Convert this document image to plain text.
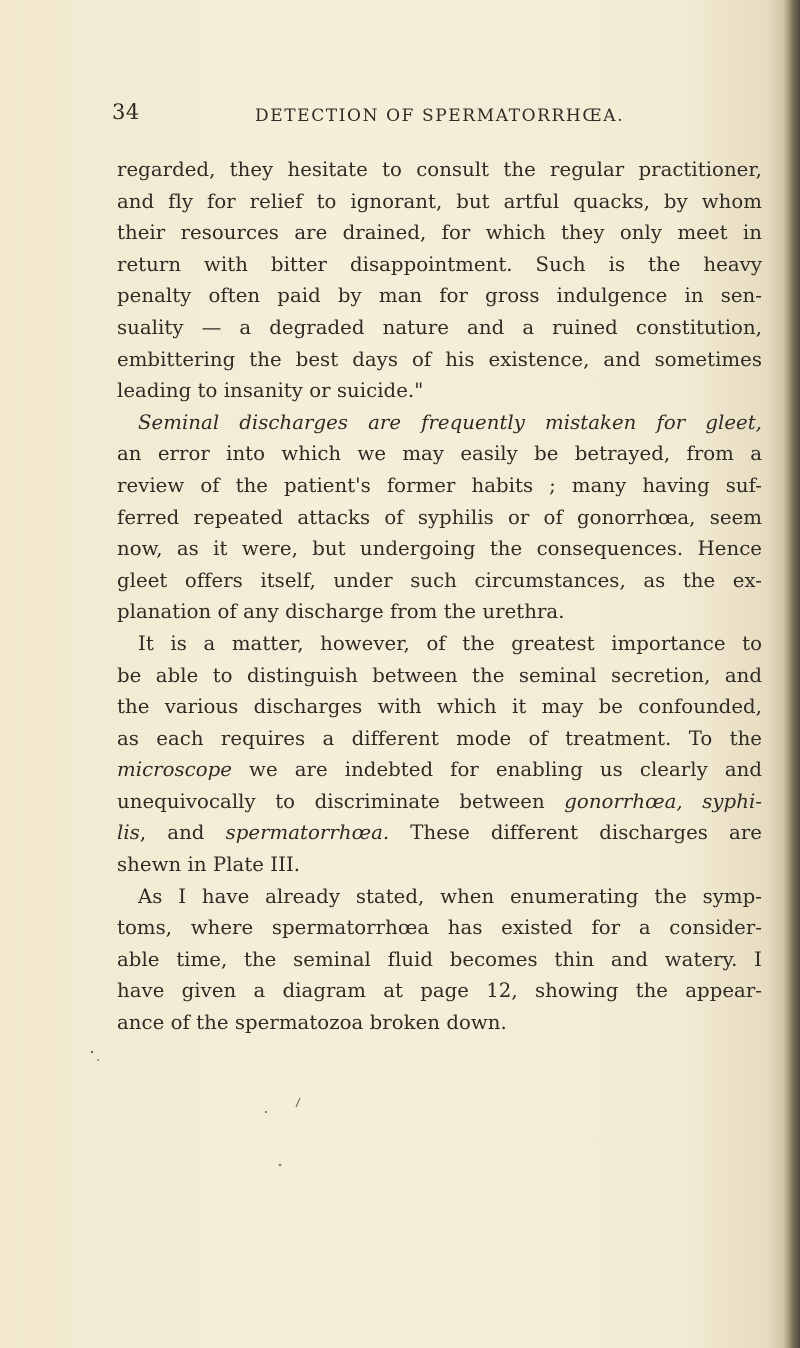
34	DETECTION OF SPERMATORRHŒA.
regarded, they hesitate to consult the regular practitioner,
and fly for relief to ignorant, but artful quacks, by whom
their resources are drained, for which they only meet in
return with bitter disappointment. Such is the heavy
penalty often paid by man for gross indulgence in sen-
suality — a degraded nature and a ruined constitution,
embittering the best days of his existence, and sometimes
leading to insanity or suicide."
Seminal discharges are frequently mistaken for gleet,
an error into which we may easily be betrayed, from a
review of the patient's former habits ; many having suf-
ferred repeated attacks of syphilis or of gonorrhœa, seem
now, as it were, but undergoing the consequences. Hence
gleet offers itself, under such circumstances, as the ex-
planation of any discharge from the urethra.
It is a matter, however, of the greatest importance to
be able to distinguish between the seminal secretion, and
the various discharges with which it may be confounded,
as each requires a different mode of treatment. To the
microscope we are indebted for enabling us clearly and
unequivocally to discriminate between gonorrhœa, syphi-
lis, and spermatorrhœa. These different discharges are
shewn in Plate III.
As I have already stated, when enumerating the symp-
toms, where spermatorrhœa has existed for a consider-
able time, the seminal fluid becomes thin and watery. I
have given a diagram at page 12, showing the appear-
ance of the spermatozoa broken down.
